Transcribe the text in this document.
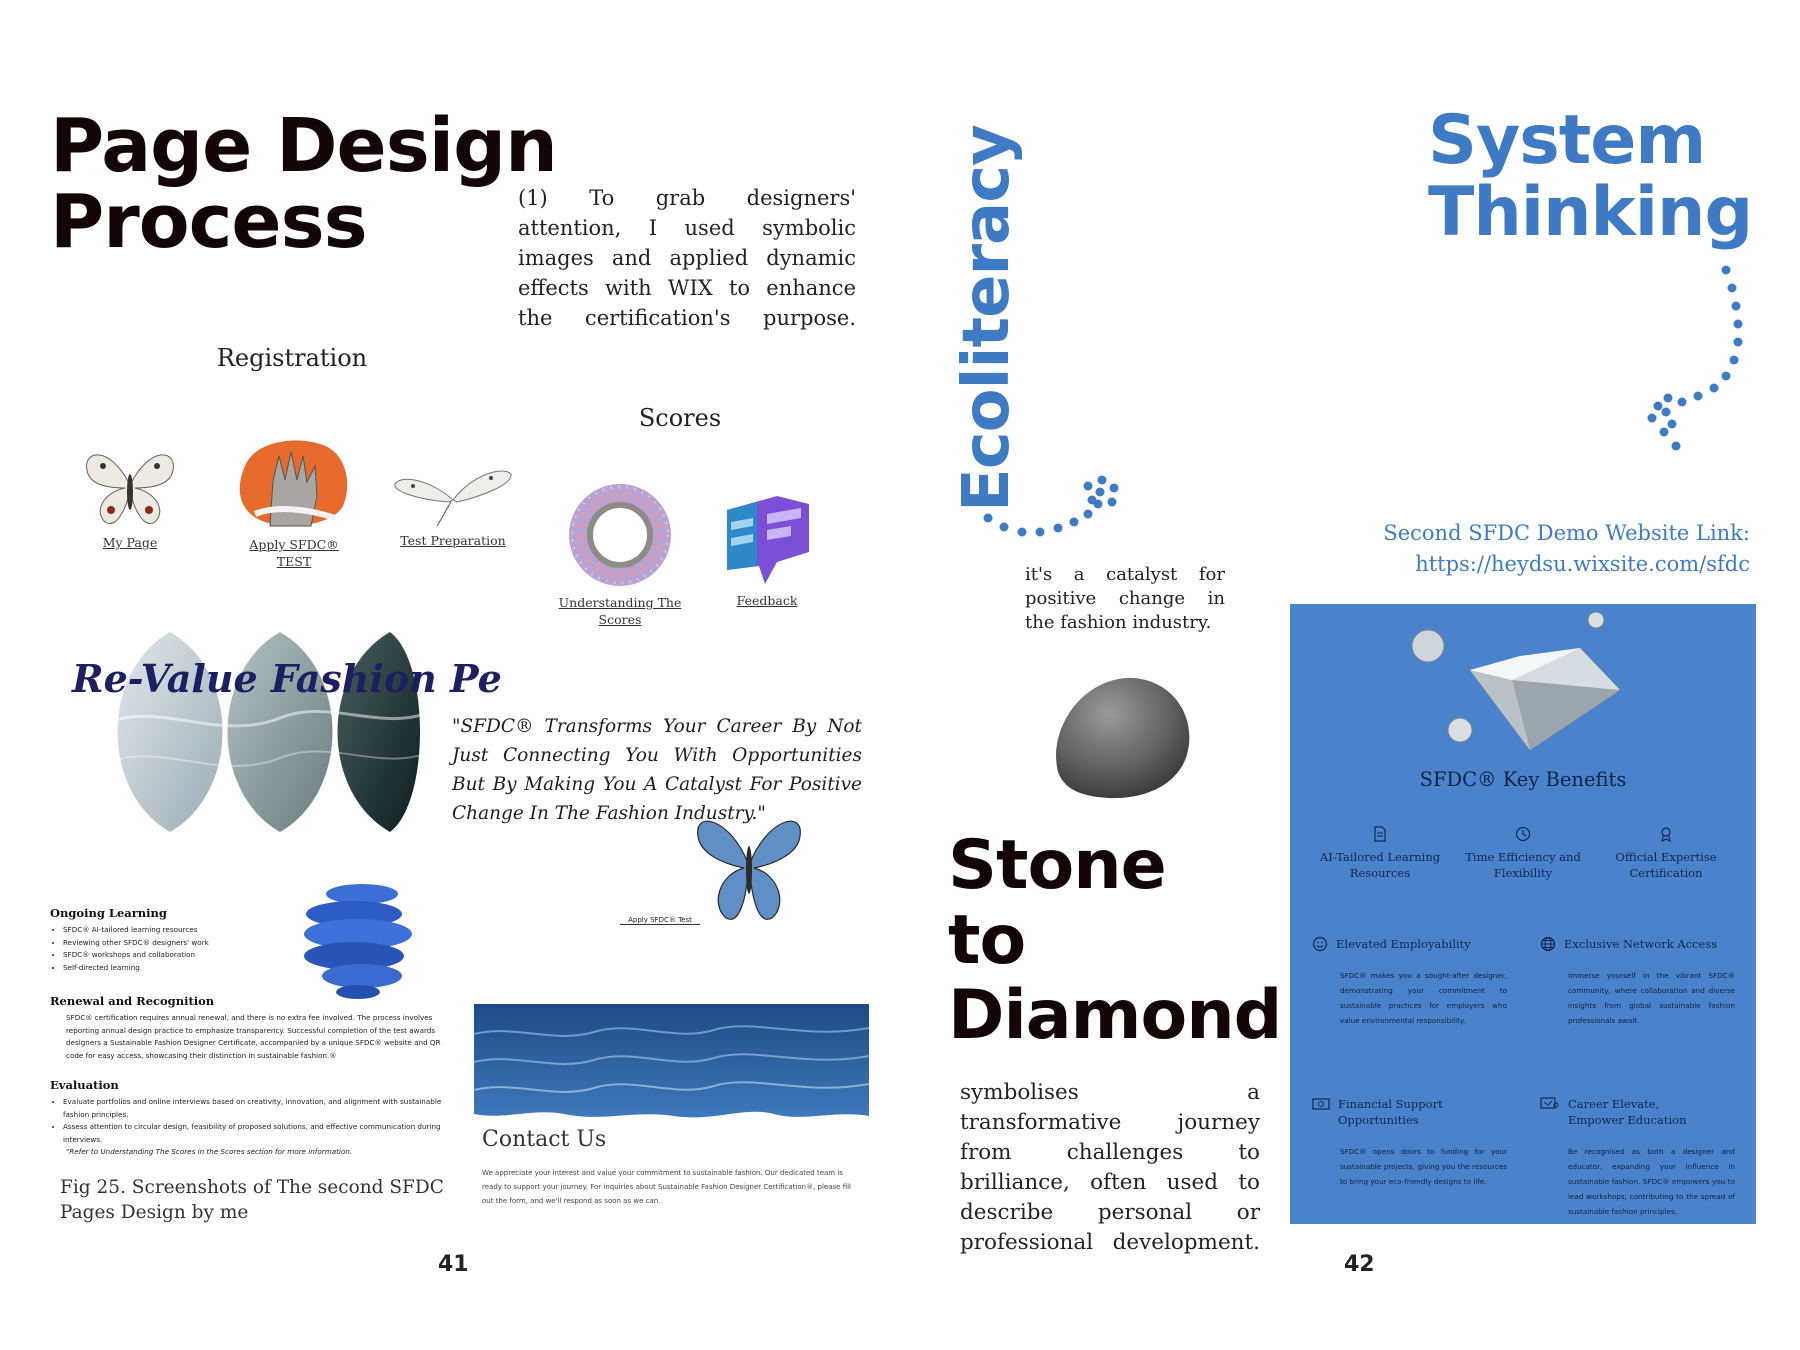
Page Design
Process	(1) To grab designers' attention, I used symbolic images and applied dynamic effects with WIX to enhance the certification's purpose.
Registration
Scores
My Page	Apply SFDC® TEST
Test Preparation
Understanding The Scores
Feedback
Re-Value Fashion Pe
"SFDC® Transforms Your Career By Not Just Connecting You With Opportunities But By Making You A Catalyst For Positive Change In The Fashion Industry."
Apply SFDC® Test
Ongoing Learning
• SFDC® AI-tailored learning resources
• Reviewing other SFDC® designers' work
• SFDC® workshops and collaboration
• Self-directed learning
Renewal and Recognition

SFDC® certification requires annual renewal, and there is no extra fee involved. The process involves reporting annual design practice to emphasize transparency. Successful completion of the test awards designers a Sustainable Fashion Designer Certificate, accompanied by a unique SFDC® website and QR code for easy access, showcasing their distinction in sustainable fashion.®

Evaluation
• Evaluate portfolios and online interviews based on creativity, innovation, and alignment with sustainable fashion principles.
• Assess attention to circular design, feasibility of proposed solutions, and effective communication during interviews.

"Refer to Understanding The Scores in the Scores section for more information.	Contact Us
We appreciate your interest and value your commitment to sustainable fashion. Our dedicated team is ready to support your journey. For inquiries about Sustainable Fashion Designer Certification®, please fill out the form, and we'll respond as soon as we can.
Fig 25. Screenshots of The second SFDC Pages Design by me
41
Ecoliteracy
it's a catalyst for positive change in the fashion industry.
Stone
to
Diamond
symbolises a transformative journey from challenges to brilliance, often used to describe personal or professional development.
System
Thinking
Second SFDC Demo Website Link:
https://heydsu.wixsite.com/sfdc
SFDC® Key Benefits
AI-Tailored Learning Resources
Time Efficiency and Flexibility
Official Expertise Certification
Elevated Employability
SFDC® makes you a sought-after designer, demonstrating your commitment to sustainable practices for employers who value environmental responsibility.
Exclusive Network Access
Immerse yourself in the vibrant SFDC® community, where collaboration and diverse insights from global sustainable fashion professionals await.
Financial Support Opportunities
SFDC® opens doors to funding for your sustainable projects, giving you the resources to bring your eco-friendly designs to life.
Career Elevate, Empower Education
Be recognised as both a designer and educator, expanding your influence in sustainable fashion. SFDC® empowers you to lead workshops, contributing to the spread of sustainable fashion principles.
42
